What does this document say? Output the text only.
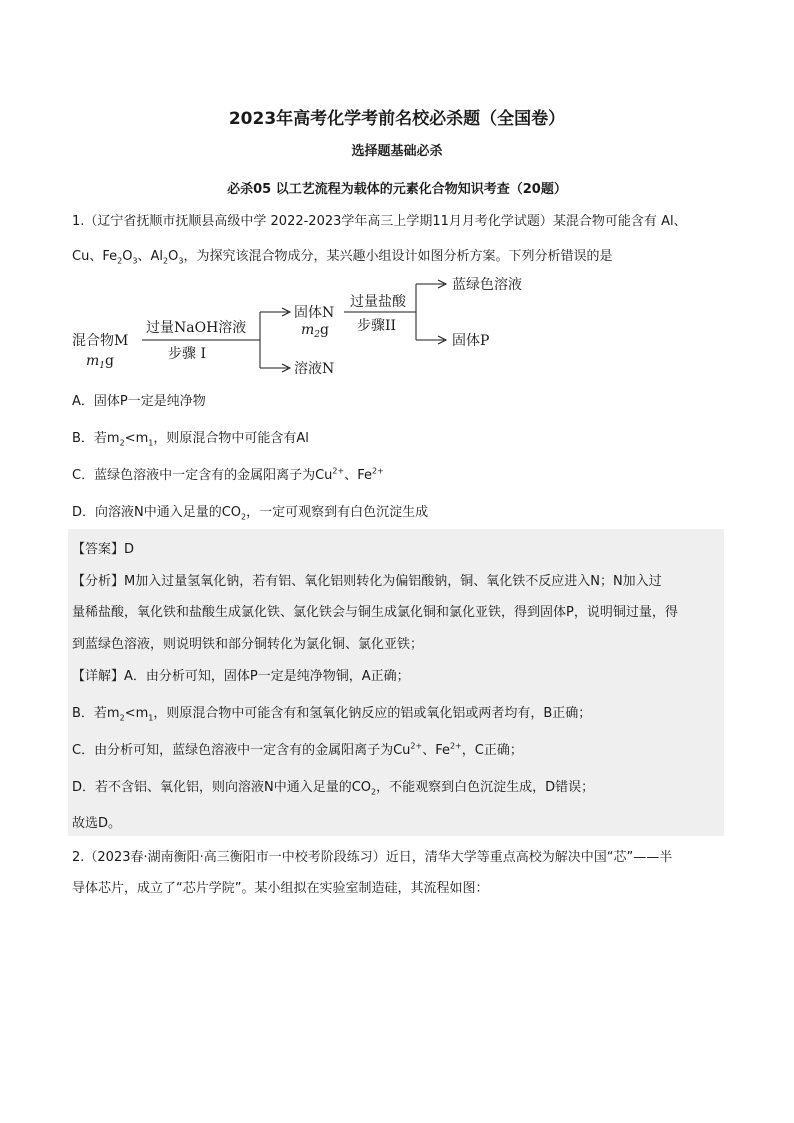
2023年高考化学考前名校必杀题（全国卷）
选择题基础必杀
必杀05 以工艺流程为载体的元素化合物知识考查（20题）
1.（辽宁省抚顺市抚顺县高级中学 2022-2023学年高三上学期11月月考化学试题）某混合物可能含有 Al、
Cu、$Fe_2O_3$、$Al_2O_3$，为探究该混合物成分，某兴趣小组设计如图分析方案。下列分析错误的是
混合物M
$m_1g$
过量NaOH溶液
步骤 I
固体N
$m_2g$
溶液N
过量盐酸
步骤II
蓝绿色溶液
固体P
A．固体P一定是纯净物
B．若$m_2<m_1$，则原混合物中可能含有Al
C．蓝绿色溶液中一定含有的金属阳离子为$Cu^{2+}$、$Fe^{2+}$
D．向溶液N中通入足量的$CO_2$，一定可观察到有白色沉淀生成
【答案】D
【分析】M加入过量氢氧化钠，若有铝、氧化铝则转化为偏铝酸钠，铜、氧化铁不反应进入N；N加入过
量稀盐酸，氧化铁和盐酸生成氯化铁、氯化铁会与铜生成氯化铜和氯化亚铁，得到固体P，说明铜过量，得
到蓝绿色溶液，则说明铁和部分铜转化为氯化铜、氯化亚铁；
【详解】A．由分析可知，固体P一定是纯净物铜，A正确；
B．若$m_2<m_1$，则原混合物中可能含有和氢氧化钠反应的铝或氧化铝或两者均有，B正确；
C．由分析可知，蓝绿色溶液中一定含有的金属阳离子为$Cu^{2+}$、$Fe^{2+}$，C正确；
D．若不含铝、氧化铝，则向溶液N中通入足量的$CO_2$，不能观察到白色沉淀生成，D错误；
故选D。
2.（2023春·湖南衡阳·高三衡阳市一中校考阶段练习）近日，清华大学等重点高校为解决中国“芯”——半
导体芯片，成立了“芯片学院”。某小组拟在实验室制造硅，其流程如图：
